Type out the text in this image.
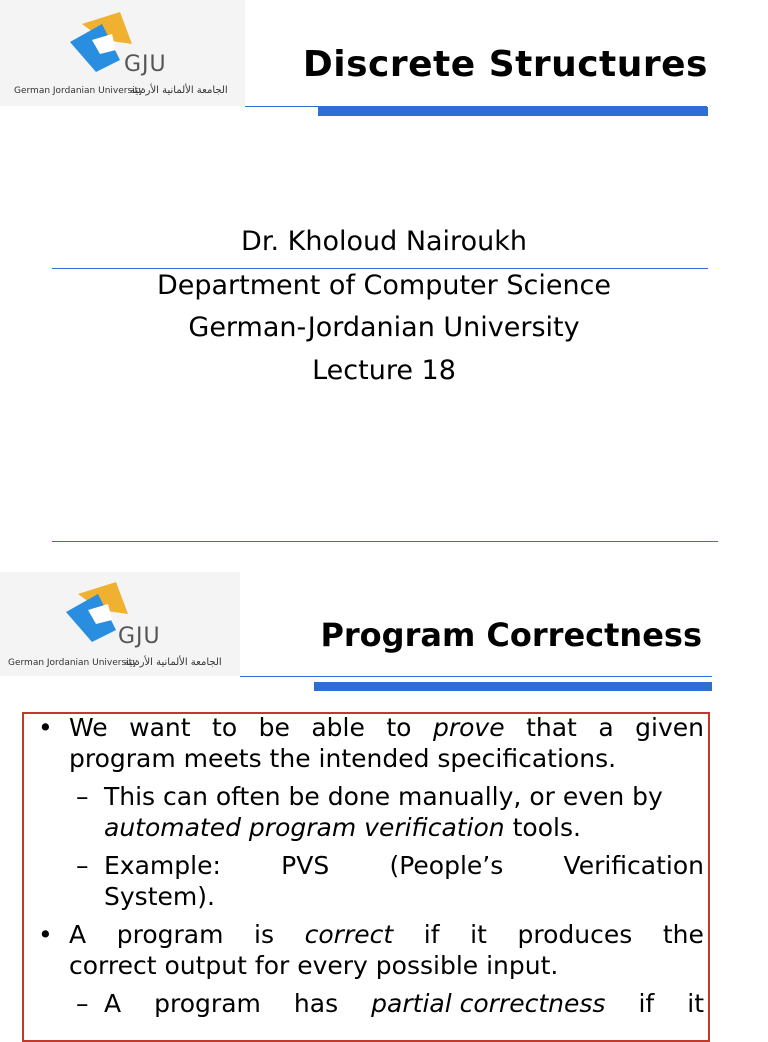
GJU
German Jordanian University
الجامعة الألمانية الأردنية
Discrete Structures
Dr. Kholoud Nairoukh
Department of Computer Science
German-Jordanian University
Lecture 18
GJU
German Jordanian University
الجامعة الألمانية الأردنية
Program Correctness
• We want to be able to prove that a given
program meets the intended specifications.
– This can often be done manually, or even by
automated program verification tools.
– Example: PVS (People’s Verification
System).
• A program is correct if it produces the
correct output for every possible input.
– A program has partial correctness if it
